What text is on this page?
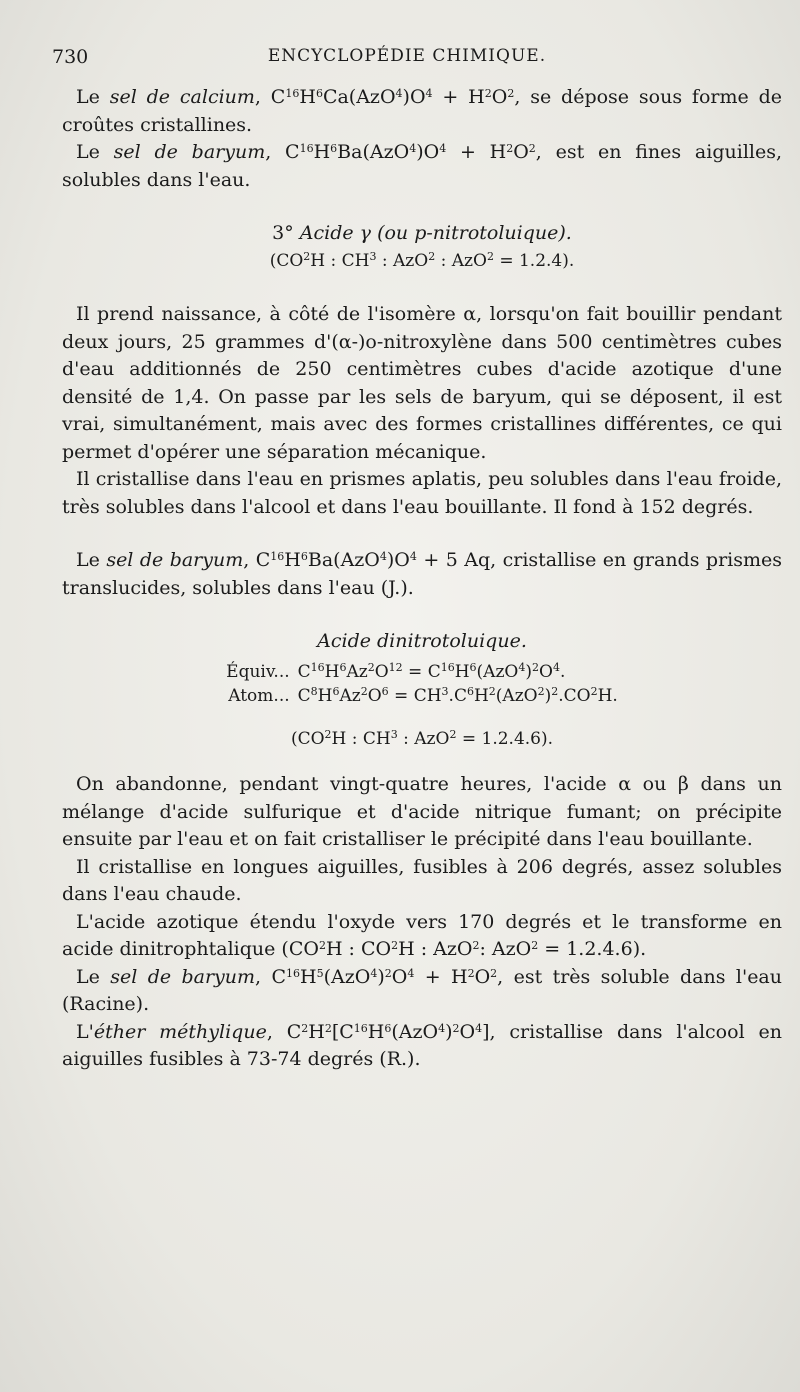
730	ENCYCLOPÉDIE CHIMIQUE.

Le sel de calcium, $C^{16}H^6Ca(AzO^4)O^4 + H^2O^2$, se dépose sous forme de croûtes cristallines.

Le sel de baryum, $C^{16}H^6Ba(AzO^4)O^4 + H^2O^2$, est en fines aiguilles, solubles dans l'eau.

3° Acide γ (ou p-nitrotoluique).

($CO^2H$ : $CH^3$ : AzO$^2$ : AzO$^2$ = 1.2.4).

Il prend naissance, à côté de l'isomère α, lorsqu'on fait bouillir pendant deux jours, 25 grammes d'(α-)o-nitroxylène dans 500 centimètres cubes d'eau additionnés de 250 centimètres cubes d'acide azotique d'une densité de 1,4. On passe par les sels de baryum, qui se déposent, il est vrai, simultanément, mais avec des formes cristallines différentes, ce qui permet d'opérer une séparation mécanique.

Il cristallise dans l'eau en prismes aplatis, peu solubles dans l'eau froide, très solubles dans l'alcool et dans l'eau bouillante. Il fond à 152 degrés.

Le sel de baryum, $C^{16}H^6Ba(AzO^4)O^4 + 5$ Aq, cristallise en grands prismes translucides, solubles dans l'eau (J.).

Acide dinitrotoluique.

Équiv...	$C^{16}H^6Az^2O^{12} = C^{16}H^6(AzO^4)^2O^4$.
Atom...	$C^8H^6Az^2O^6 = CH^3.C^6H^2(AzO^2)^2.CO^2H$.

($CO^2H$ : $CH^3$ : AzO$^2$ = 1.2.4.6).

On abandonne, pendant vingt-quatre heures, l'acide α ou β dans un mélange d'acide sulfurique et d'acide nitrique fumant; on précipite ensuite par l'eau et on fait cristalliser le précipité dans l'eau bouillante.

Il cristallise en longues aiguilles, fusibles à 206 degrés, assez solubles dans l'eau chaude.

L'acide azotique étendu l'oxyde vers 170 degrés et le transforme en acide dinitrophtalique ($CO^2H$ : $CO^2H$ : AzO$^2$: AzO$^2$ = 1.2.4.6).

Le sel de baryum, $C^{16}H^5(AzO^4)^2O^4 + H^2O^2$, est très soluble dans l'eau (Racine).

L'éther méthylique, $C^2H^2[C^{16}H^6(AzO^4)^2O^4]$, cristallise dans l'alcool en aiguilles fusibles à 73-74 degrés (R.).
